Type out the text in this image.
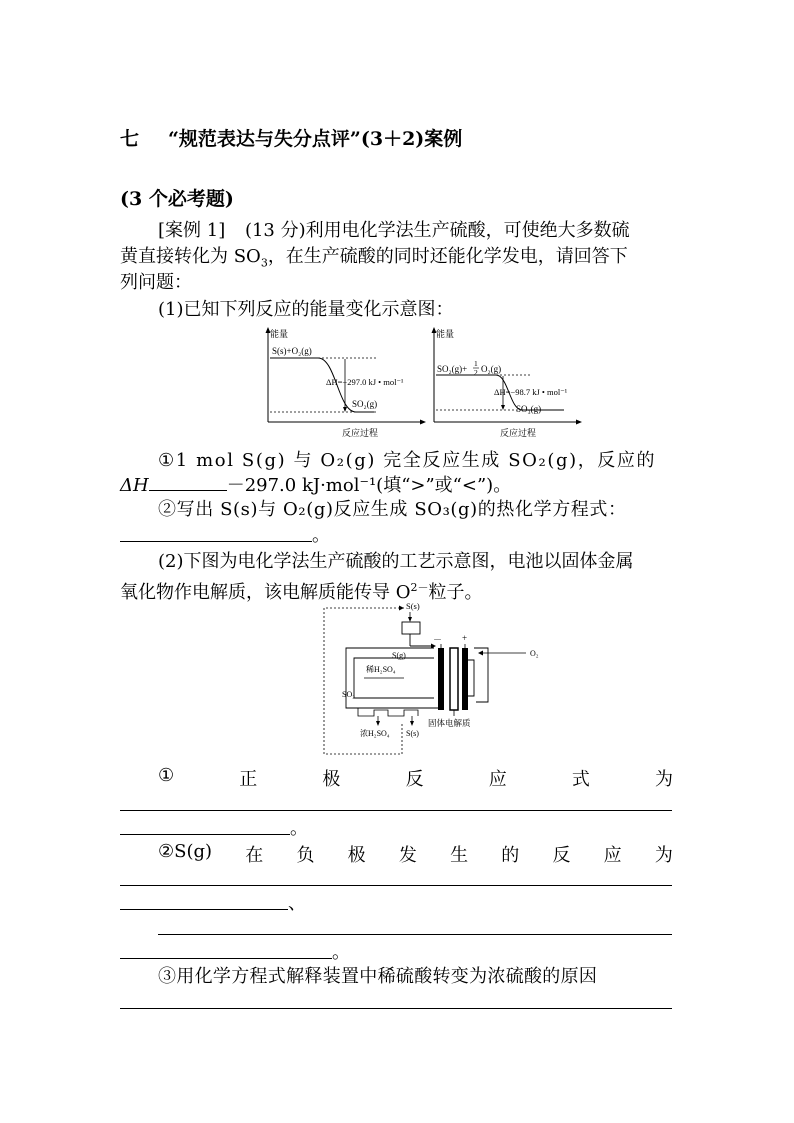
七 “规范表达与失分点评”(3＋2)案例
(3 个必考题)
[案例 1] (13 分)利用电化学法生产硫酸，可使绝大多数硫
黄直接转化为 $SO_3$，在生产硫酸的同时还能化学发电，请回答下
列问题：
(1)已知下列反应的能量变化示意图：
能量
S(s)+O₂(g)
ΔH=−297.0 kJ • mol⁻¹
SO₂(g)
反应过程
能量
SO₂(g)+
1
2 O₂(g)
ΔH=−98.7 kJ • mol⁻¹
SO₃(g)
反应过程
①1 mol S(g) 与 O₂(g) 完全反应生成 SO₂(g)，反应的
ΔH	－297.0 kJ·mol⁻¹(填“>”或“<”)。
②写出 S(s)与 O₂(g)反应生成 SO₃(g)的热化学方程式：
。
(2)下图为电化学法生产硫酸的工艺示意图，电池以固体金属
氧化物作电解质，该电解质能传导 $O^{2-}$粒子。
S(s)
S(g)
－ +
O₂
稀H₂SO₄
SO₂
浓H₂SO₄ S(s)
固体电解质
①	正	极	反	应	式	为
。
②S(g) 在 负 极 发 生 的 反 应 为
、
。
③用化学方程式解释装置中稀硫酸转变为浓硫酸的原因
